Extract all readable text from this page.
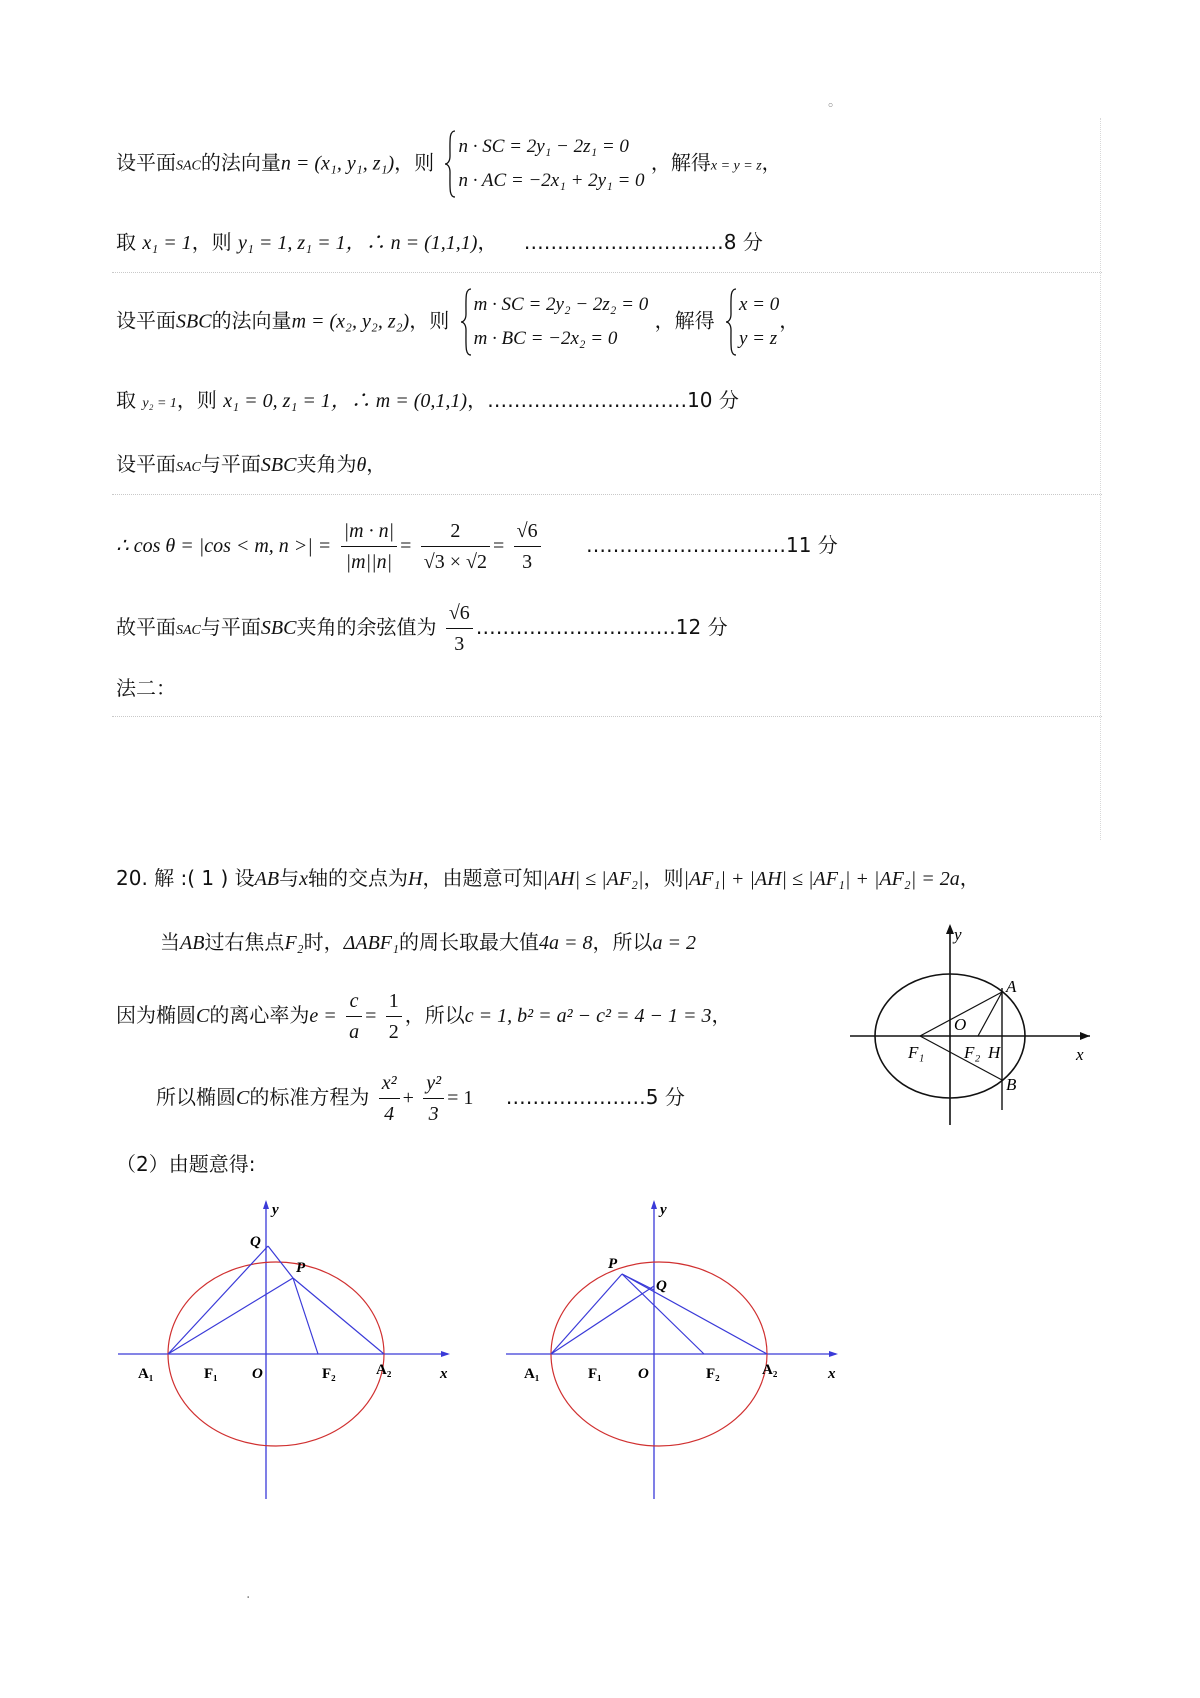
。
设平面SAC的法向量n = (x₁, y₁, z₁)，则
n · SC = 2y₁ − 2z₁ = 0
n · AC = −2x₁ + 2y₁ = 0
，解得x = y = z，
取 x₁ = 1，则 y₁ = 1, z₁ = 1，∴ n = (1,1,1)， …………………………8 分
设平面SBC的法向量m = (x₂, y₂, z₂)，则
m · SC = 2y₂ − 2z₂ = 0
m · BC = −2x₂ = 0
，解得
x = 0
y = z
，
取 y₂ = 1，则 x₁ = 0, z₁ = 1，∴ m = (0,1,1)，…………………………10 分
设平面SAC与平面SBC夹角为θ，
∴ cos θ = |cos < m, n >| = $\frac{|m \cdot n|}{|m||n|} = \frac{2}{√3 \times √2} = \frac{√6}{3}$ …………………………11 分
故平面SAC与平面SBC夹角的余弦值为 $\frac{√6}{3}$ …………………………12 分
法二：
20. 解 :( 1 ) 设AB与x轴的交点为H，由题意可知|AH| ≤ |AF₂|，则|AF₁| + |AH| ≤ |AF₁| + |AF₂| = 2a，
当AB过右焦点F₂时，ΔABF₁的周长取最大值4a = 8，所以a = 2
因为椭圆C的离心率为$e = \frac{c}{a} = \frac{1}{2}$ ，所以c = 1, b² = a² − c² = 4 − 1 = 3，
所以椭圆C的标准方程为 $\frac{\text{x²}}{4} + \frac{\text{y²}}{3} = 1$ …………………5 分
（2）由题意得:
y
x
A
B
O
F₁ F₂ H
y
x
Q
P
A₁	F₁ O	F₂	A₂
y
x
Q
P
A₁	F₁ O	F₂	A₂
.
